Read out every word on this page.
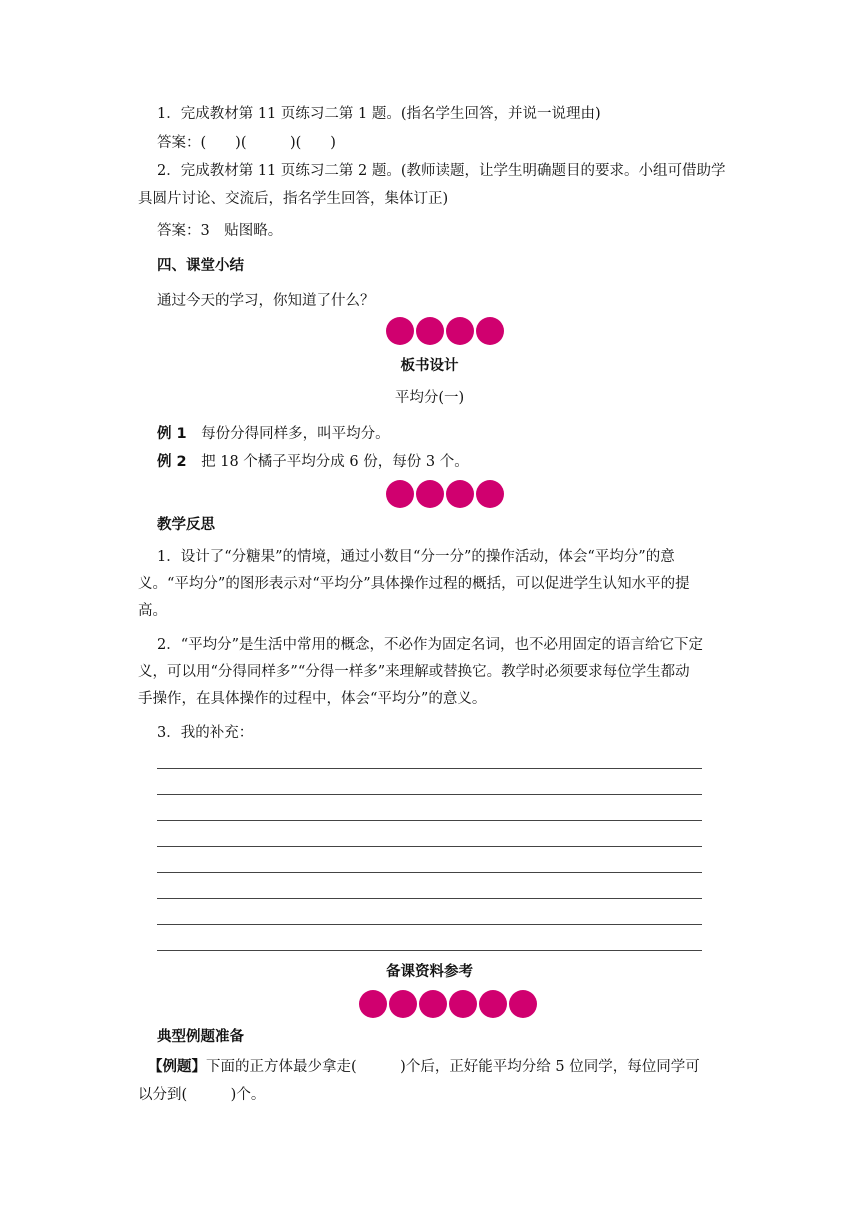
1．完成教材第 11 页练习二第 1 题。(指名学生回答，并说一说理由)
答案：(　　)(　　　)(　　)
2．完成教材第 11 页练习二第 2 题。(教师读题，让学生明确题目的要求。小组可借助学
具圆片讨论、交流后，指名学生回答，集体订正)
答案：3　贴图略。
四、课堂小结
通过今天的学习，你知道了什么？
板书设计
平均分(一)
例 1　每份分得同样多，叫平均分。
例 2　把 18 个橘子平均分成 6 份，每份 3 个。
教学反思
1．设计了“分糖果”的情境，通过小数目“分一分”的操作活动，体会“平均分”的意
义。“平均分”的图形表示对“平均分”具体操作过程的概括，可以促进学生认知水平的提
高。
2．“平均分”是生活中常用的概念，不必作为固定名词，也不必用固定的语言给它下定
义，可以用“分得同样多”“分得一样多”来理解或替换它。教学时必须要求每位学生都动
手操作，在具体操作的过程中，体会“平均分”的意义。
3．我的补充：
备课资料参考
典型例题准备
【例题】下面的正方体最少拿走(　　　)个后，正好能平均分给 5 位同学，每位同学可
以分到(　　　)个。
